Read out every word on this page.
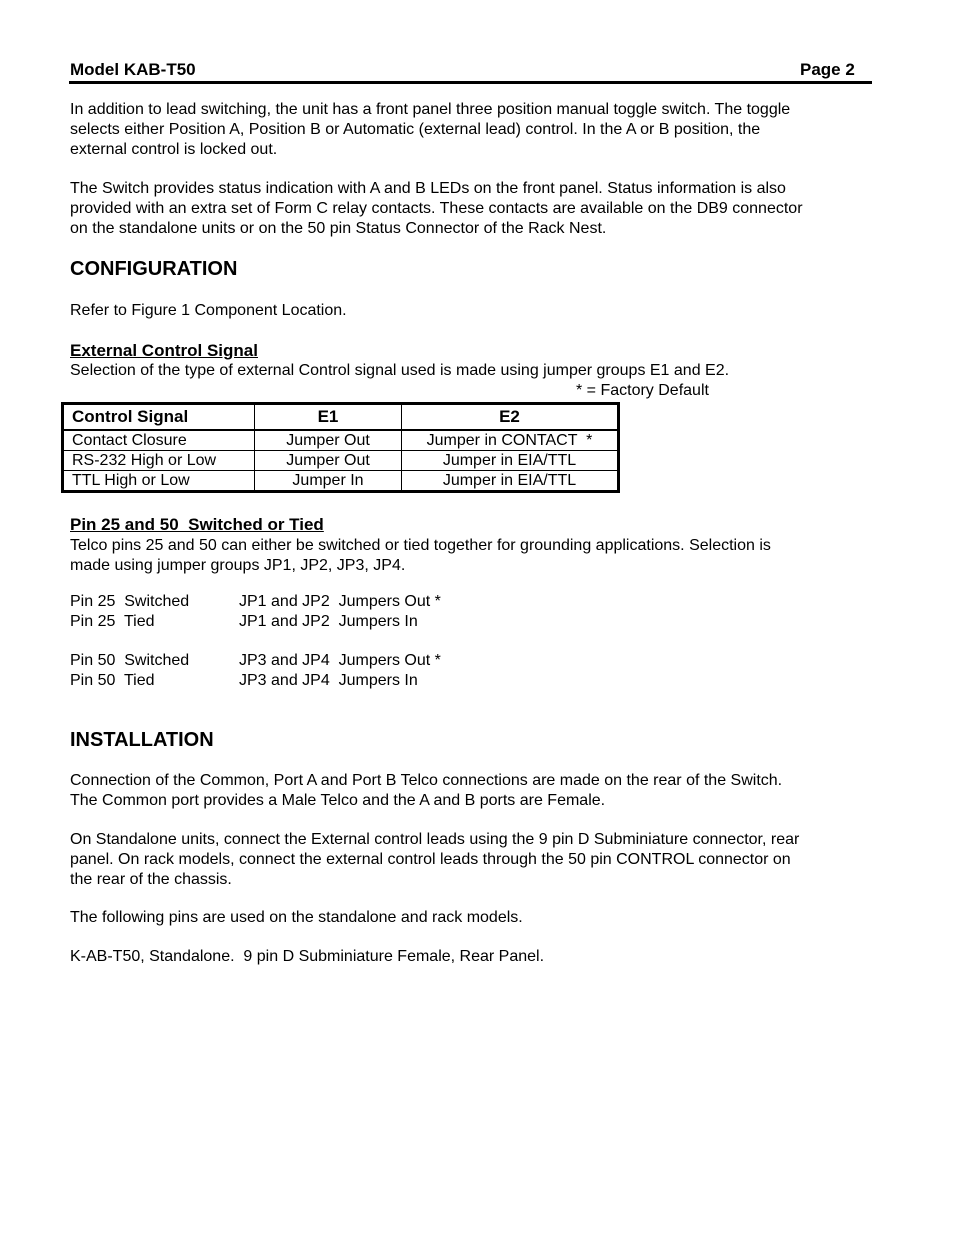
Model KAB-T50	Page 2
In addition to lead switching, the unit has a front panel three position manual toggle switch. The toggle
selects either Position A, Position B or Automatic (external lead) control. In the A or B position, the
external control is locked out.
The Switch provides status indication with A and B LEDs on the front panel. Status information is also
provided with an extra set of Form C relay contacts. These contacts are available on the DB9 connector
on the standalone units or on the 50 pin Status Connector of the Rack Nest.
CONFIGURATION
Refer to Figure 1 Component Location.
External Control Signal
Selection of the type of external Control signal used is made using jumper groups E1 and E2.
* = Factory Default
Control Signal	E1	E2
Contact Closure	Jumper Out	Jumper in CONTACT  *
RS-232 High or Low	Jumper Out	Jumper in EIA/TTL
TTL High or Low	Jumper In	Jumper in EIA/TTL
Pin 25 and 50  Switched or Tied
Telco pins 25 and 50 can either be switched or tied together for grounding applications. Selection is
made using jumper groups JP1, JP2, JP3, JP4.
Pin 25  Switched	JP1 and JP2  Jumpers Out *
Pin 25  Tied	JP1 and JP2  Jumpers In
Pin 50  Switched	JP3 and JP4  Jumpers Out *
Pin 50  Tied	JP3 and JP4  Jumpers In
INSTALLATION
Connection of the Common, Port A and Port B Telco connections are made on the rear of the Switch.
The Common port provides a Male Telco and the A and B ports are Female.
On Standalone units, connect the External control leads using the 9 pin D Subminiature connector, rear
panel. On rack models, connect the external control leads through the 50 pin CONTROL connector on
the rear of the chassis.
The following pins are used on the standalone and rack models.
K-AB-T50, Standalone.  9 pin D Subminiature Female, Rear Panel.
